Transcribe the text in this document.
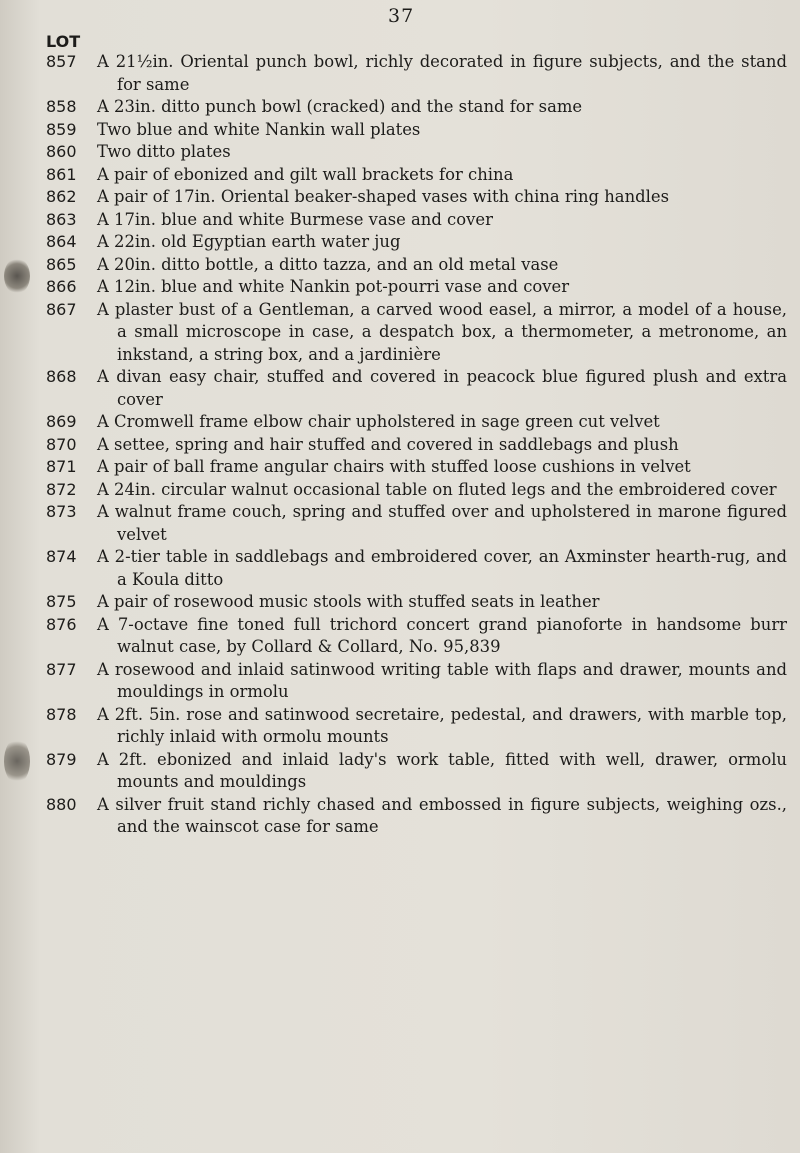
37
LOT
857	A 21½in. Oriental punch bowl, richly decorated in figure subjects, and the stand for same
858	A 23in. ditto punch bowl (cracked) and the stand for same
859	Two blue and white Nankin wall plates
860	Two ditto plates
861	A pair of ebonized and gilt wall brackets for china
862	A pair of 17in. Oriental beaker-shaped vases with china ring handles
863	A 17in. blue and white Burmese vase and cover
864	A 22in. old Egyptian earth water jug
865	A 20in. ditto bottle, a ditto tazza, and an old metal vase
866	A 12in. blue and white Nankin pot-pourri vase and cover
867	A plaster bust of a Gentleman, a carved wood easel, a mirror, a model of a house, a small microscope in case, a despatch box, a thermometer, a metronome, an inkstand, a string box, and a jardinière
868	A divan easy chair, stuffed and covered in peacock blue figured plush and extra cover
869	A Cromwell frame elbow chair upholstered in sage green cut velvet
870	A settee, spring and hair stuffed and covered in saddlebags and plush
871	A pair of ball frame angular chairs with stuffed loose cushions in velvet
872	A 24in. circular walnut occasional table on fluted legs and the embroidered cover
873	A walnut frame couch, spring and stuffed over and upholstered in marone figured velvet
874	A 2-tier table in saddlebags and embroidered cover, an Axminster hearth-rug, and a Koula ditto
875	A pair of rosewood music stools with stuffed seats in leather
876	A 7-octave fine toned full trichord concert grand pianoforte in handsome burr walnut case, by Collard & Collard, No. 95,839
877	A rosewood and inlaid satinwood writing table with flaps and drawer, mounts and mouldings in ormolu
878	A 2ft. 5in. rose and satinwood secretaire, pedestal, and drawers, with marble top, richly inlaid with ormolu mounts
879	A 2ft. ebonized and inlaid lady's work table, fitted with well, drawer, ormolu mounts and mouldings
880	A silver fruit stand richly chased and embossed in figure subjects, weighing ozs., and the wainscot case for same
